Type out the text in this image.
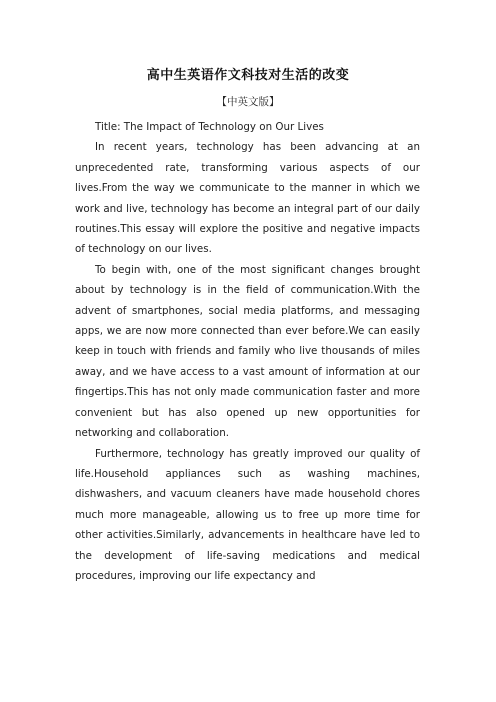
高中生英语作文科技对生活的改变
【中英文版】

Title: The Impact of Technology on Our Lives

In recent years, technology has been advancing at an unprecedented rate, transforming various aspects of our lives.From the way we communicate to the manner in which we work and live, technology has become an integral part of our daily routines.This essay will explore the positive and negative impacts of technology on our lives.

To begin with, one of the most significant changes brought about by technology is in the field of communication.With the advent of smartphones, social media platforms, and messaging apps, we are now more connected than ever before.We can easily keep in touch with friends and family who live thousands of miles away, and we have access to a vast amount of information at our fingertips.This has not only made communication faster and more convenient but has also opened up new opportunities for networking and collaboration.

Furthermore, technology has greatly improved our quality of life.Household appliances such as washing machines, dishwashers, and vacuum cleaners have made household chores much more manageable, allowing us to free up more time for other activities.Similarly, advancements in healthcare have led to the development of life-saving medications and medical procedures, improving our life expectancy and
